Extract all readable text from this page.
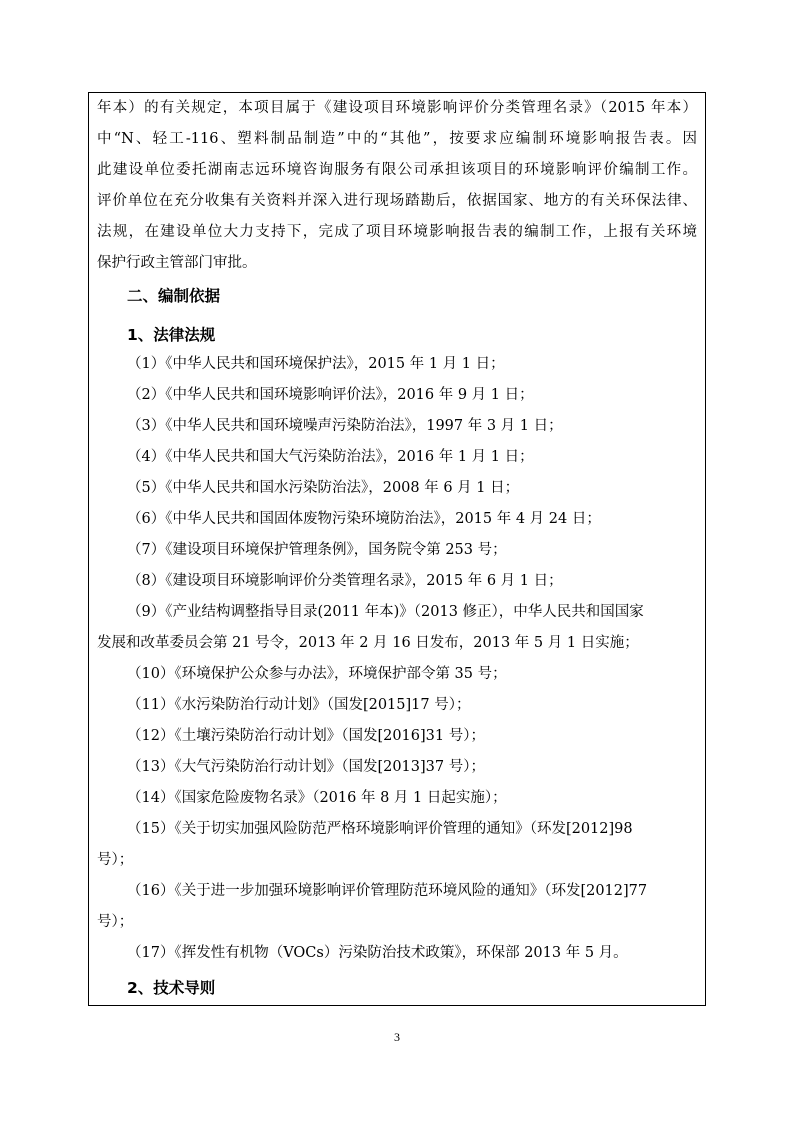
年本）的有关规定，本项目属于《建设项目环境影响评价分类管理名录》（2015 年本）
中“N、轻工-116、塑料制品制造”中的“其他”，按要求应编制环境影响报告表。因
此建设单位委托湖南志远环境咨询服务有限公司承担该项目的环境影响评价编制工作。
评价单位在充分收集有关资料并深入进行现场踏勘后，依据国家、地方的有关环保法律、
法规，在建设单位大力支持下，完成了项目环境影响报告表的编制工作，上报有关环境
保护行政主管部门审批。
二、编制依据
1、法律法规
（1）《中华人民共和国环境保护法》，2015 年 1 月 1 日；
（2）《中华人民共和国环境影响评价法》，2016 年 9 月 1 日；
（3）《中华人民共和国环境噪声污染防治法》，1997 年 3 月 1 日；
（4）《中华人民共和国大气污染防治法》，2016 年 1 月 1 日；
（5）《中华人民共和国水污染防治法》，2008 年 6 月 1 日；
（6）《中华人民共和国固体废物污染环境防治法》，2015 年 4 月 24 日；
（7）《建设项目环境保护管理条例》，国务院令第 253 号；
（8）《建设项目环境影响评价分类管理名录》，2015 年 6 月 1 日；
（9）《产业结构调整指导目录(2011 年本)》（2013 修正），中华人民共和国国家
发展和改革委员会第 21 号令，2013 年 2 月 16 日发布，2013 年 5 月 1 日实施；
（10）《环境保护公众参与办法》，环境保护部令第 35 号；
（11）《水污染防治行动计划》（国发[2015]17 号）；
（12）《土壤污染防治行动计划》（国发[2016]31 号）；
（13）《大气污染防治行动计划》（国发[2013]37 号）；
（14）《国家危险废物名录》（2016 年 8 月 1 日起实施）；
（15）《关于切实加强风险防范严格环境影响评价管理的通知》（环发[2012]98
号）；
（16）《关于进一步加强环境影响评价管理防范环境风险的通知》（环发[2012]77
号）；
（17）《挥发性有机物（VOCs）污染防治技术政策》，环保部 2013 年 5 月。
2、技术导则
3
